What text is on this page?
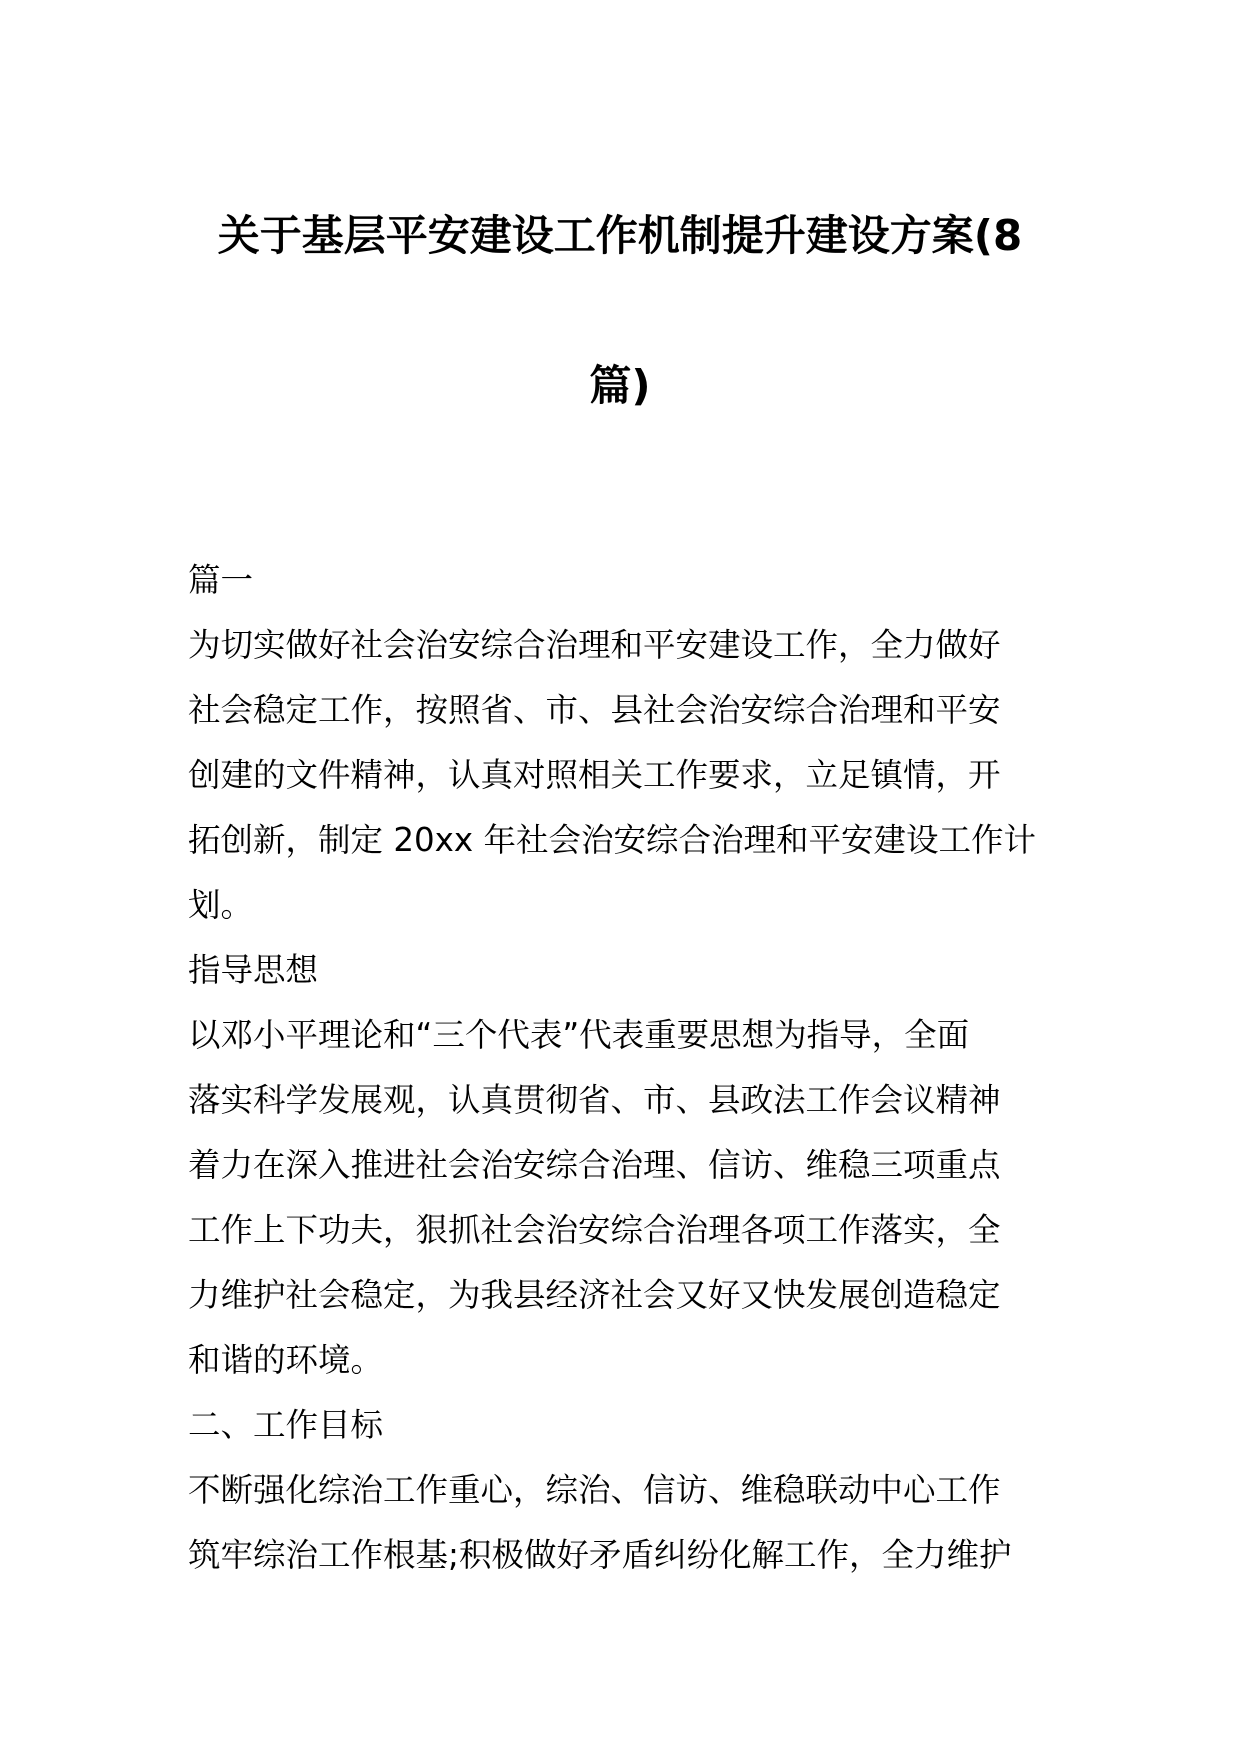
关于基层平安建设工作机制提升建设方案(8
篇)
篇一
为切实做好社会治安综合治理和平安建设工作，全力做好
社会稳定工作，按照省、市、县社会治安综合治理和平安
创建的文件精神，认真对照相关工作要求，立足镇情，开
拓创新，制定 20xx 年社会治安综合治理和平安建设工作计
划。
指导思想
以邓小平理论和“三个代表”代表重要思想为指导，全面
落实科学发展观，认真贯彻省、市、县政法工作会议精神
着力在深入推进社会治安综合治理、信访、维稳三项重点
工作上下功夫，狠抓社会治安综合治理各项工作落实，全
力维护社会稳定，为我县经济社会又好又快发展创造稳定
和谐的环境。
二、工作目标
不断强化综治工作重心，综治、信访、维稳联动中心工作
筑牢综治工作根基;积极做好矛盾纠纷化解工作，全力维护
